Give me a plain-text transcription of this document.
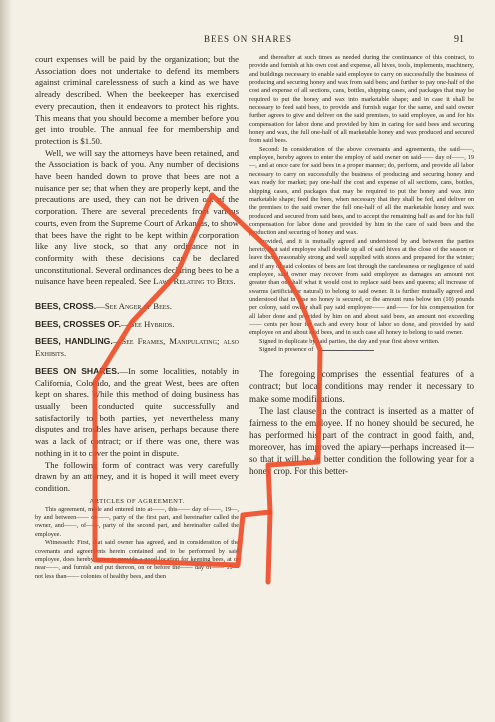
BEES ON SHARES	91

court expenses will be paid by the organization; but the Association does not undertake to defend its members against criminal carelessness of such a kind as we have already described. When the beekeeper has exercised every precaution, then it endeavors to protect his rights. This means that you should become a member before you get into trouble. The annual fee for membership and protection is $1.50.

Well, we will say the attorneys have been retained, and the Association is back of you. Any number of decisions have been handed down to prove that bees are not a nuisance per se; that when they are properly kept, and the precautions are used, they can not be driven out of the corporation. There are several precedents from various courts, even from the Supreme Court of Arkansas, to show that bees have the right to be kept within a corporation like any live stock, so that any ordinance not in conformity with these decisions can be declared unconstitutional. Several ordinances declaring bees to be a nuisance have been repealed. See Laws Relating to Bees.

BEES, CROSS.—See Anger of Bees.

BEES, CROSSES OF.—See Hybrids.

BEES, HANDLING.—See Frames, Manipulating; also Exhibits.

BEES ON SHARES.—In some localities, notably in California, Colorado, and the great West, bees are often kept on shares. While this method of doing business has usually been conducted quite successfully and satisfactorily to both parties, yet nevertheless many disputes and troubles have arisen, perhaps because there was a lack of contract; or if there was one, there was nothing in it to cover the point in dispute.

The following form of contract was very carefully drawn by an attorney, and it is hoped it will meet every condition.

ARTICLES OF AGREEMENT.

This agreement, made and entered into at——, this—— day of——, 19—, by and between—— of——, party of the first part, and hereinafter called the owner, and——, of——, party of the second part, and hereinafter called the employee.

Witnesseth: First, that said owner has agreed, and in consideration of the covenants and agreements herein contained and to be performed by said employee, does hereby agree to provide a good location for keeping bees, at or near——, and furnish and put thereon, on or before the—— day of—— 19— not less than—— colonies of healthy bees, and then

and thereafter at such times as needed during the continuance of this contract, to provide and furnish at his own cost and expense, all hives, tools, implements, machinery, and buildings necessary to enable said employee to carry on successfully the business of producing and securing honey and wax from said bees; and further to pay one-half of the cost and expense of all sections, cans, bottles, shipping cases, and packages that may be required to put the honey and wax into marketable shape; and in case it shall be necessary to feed said bees, to provide and furnish sugar for the same, and said owner further agrees to give and deliver on the said premises, to said employee, as and for his compensation for labor done and provided by him in caring for said bees and securing honey and wax, the full one-half of all marketable honey and wax produced and secured from said bees.

Second: In consideration of the above covenants and agreements, the said——, employee, hereby agrees to enter the employ of said owner on said—— day of——, 19—, and at once care for said bees in a proper manner; do, perform, and provide all labor necessary to carry on successfully the business of producing and securing honey and wax ready for market; pay one-half the cost and expense of all sections, cans, bottles, shipping cases, and packages that may be required to put the honey and wax into marketable shape; feed the bees, when necessary that they shall be fed, and deliver on the premises to the said owner the full one-half of all the marketable honey and wax produced and secured from said bees, and to accept the remaining half as and for his full compensation for labor done and provided by him in the care of said bees and the production and securing of honey and wax.

Provided, and it is mutually agreed and understood by and between the parties hereto, that said employee shall double up all of said hives at the close of the season or leave them reasonably strong and well supplied with stores and prepared for the winter; and if any of said colonies of bees are lost through the carelessness or negligence of said employee, said owner may recover from said employee as damages an amount not greater than one-half what it would cost to replace said bees and queens; all increase of swarms (artificial or natural) to belong to said owner. It is further mutually agreed and understood that in case no honey is secured, or the amount runs below ten (10) pounds per colony, said owner shall pay said employee—— and—— for his compensation for all labor done and provided by him on and about said bees, an amount not exceeding—— cents per hour for each and every hour of labor so done, and provided by said employee on and about said bees, and in such case all honey to belong to said owner.

Signed in duplicate by said parties, the day and year first above written.

Signed in presence of

The foregoing comprises the essential features of a contract; but local conditions may render it necessary to make some modifications.

The last clause in the contract is inserted as a matter of fairness to the employee. If no honey should be secured, he has performed his part of the contract in good faith, and, moreover, has improved the apiary—perhaps increased it—so that it will be in better condition the following year for a honey crop. For this better-
